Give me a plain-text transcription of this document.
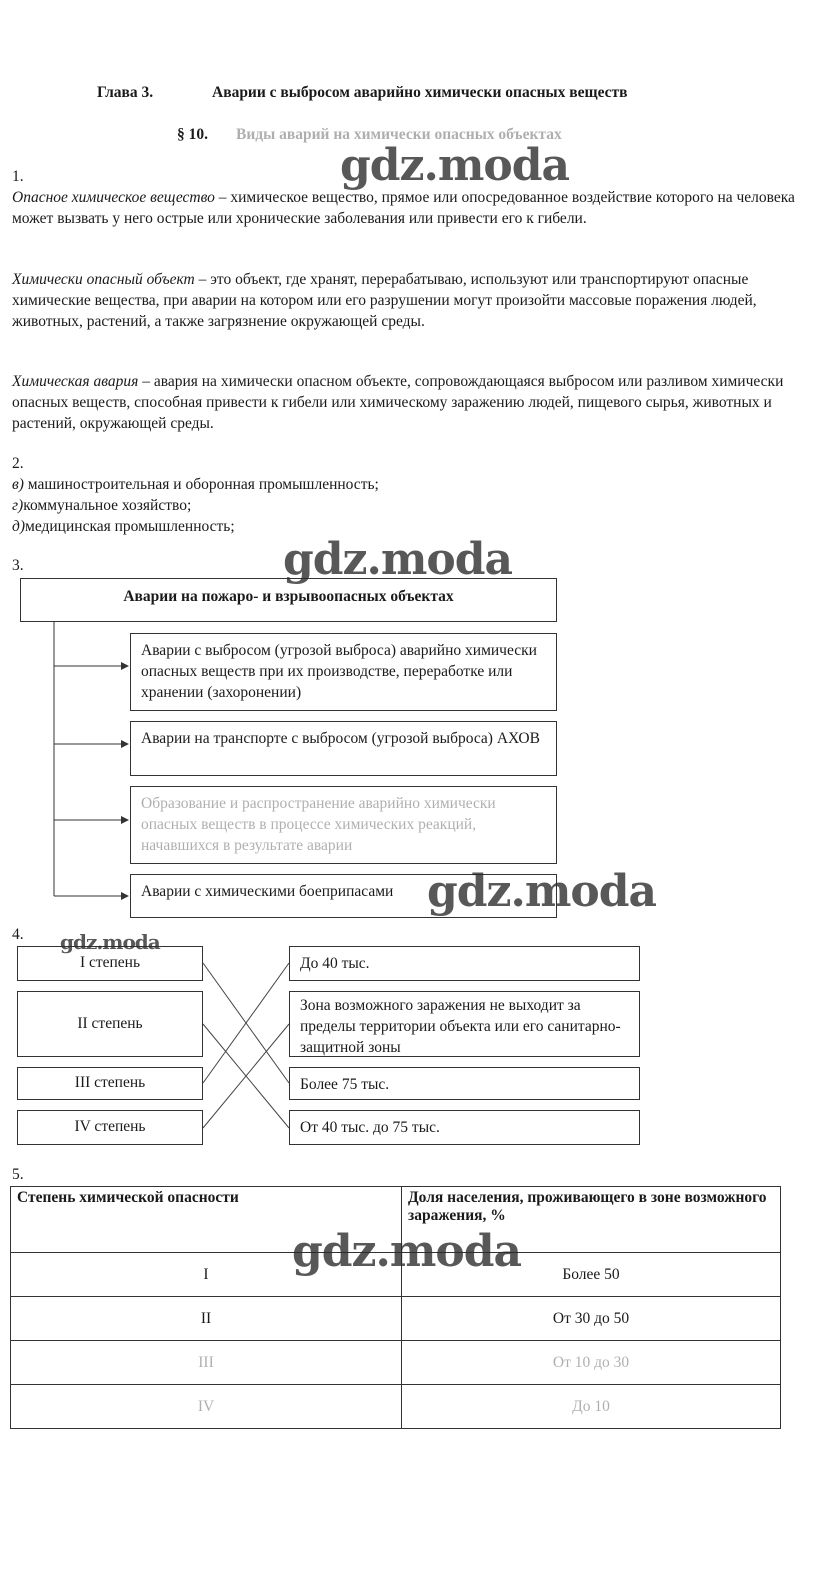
Глава 3.	Аварии с выбросом аварийно химически опасных веществ
§ 10. Виды аварий на химически опасных объектах
1.

Опасное химическое вещество – химическое вещество, прямое или опосредованное воздействие которого на человека может вызвать у него острые или хронические заболевания или привести его к гибели.

Химически опасный объект – это объект, где хранят, перерабатываю, используют или транспортируют опасные химические вещества, при аварии на котором или его разрушении могут произойти массовые поражения людей, животных, растений, а также загрязнение окружающей среды.

Химическая авария – авария на химически опасном объекте, сопровождающаяся выбросом или разливом химически опасных веществ, способная привести к гибели или химическому заражению людей, пищевого сырья, животных и растений, окружающей среды.

2.
в) машиностроительная и оборонная промышленность;
г)коммунальное хозяйство;
д)медицинская промышленность;
3.
Аварии на пожаро- и взрывоопасных объектах
Аварии с выбросом (угрозой выброса) аварийно химически опасных веществ при их производстве, переработке или хранении (захоронении)
Аварии на транспорте с выбросом (угрозой выброса) АХОВ
Образование и распространение аварийно химически опасных веществ в процессе химических реакций, начавшихся в результате аварии
Аварии с химическими боеприпасами
4.
I степень
II степень
III степень
IV степень
До 40 тыс.
Зона возможного заражения не выходит за пределы территории объекта или его санитарно-защитной зоны
Более 75 тыс.
От 40 тыс. до 75 тыс.
5.
Степень химической опасности	Доля населения, проживающего в зоне возможного заражения, %
I	Более 50
II	От 30 до 50
III	От 10 до 30
IV	До 10
gdz.moda
gdz.moda
gdz.moda
gdz.moda
gdz.moda
